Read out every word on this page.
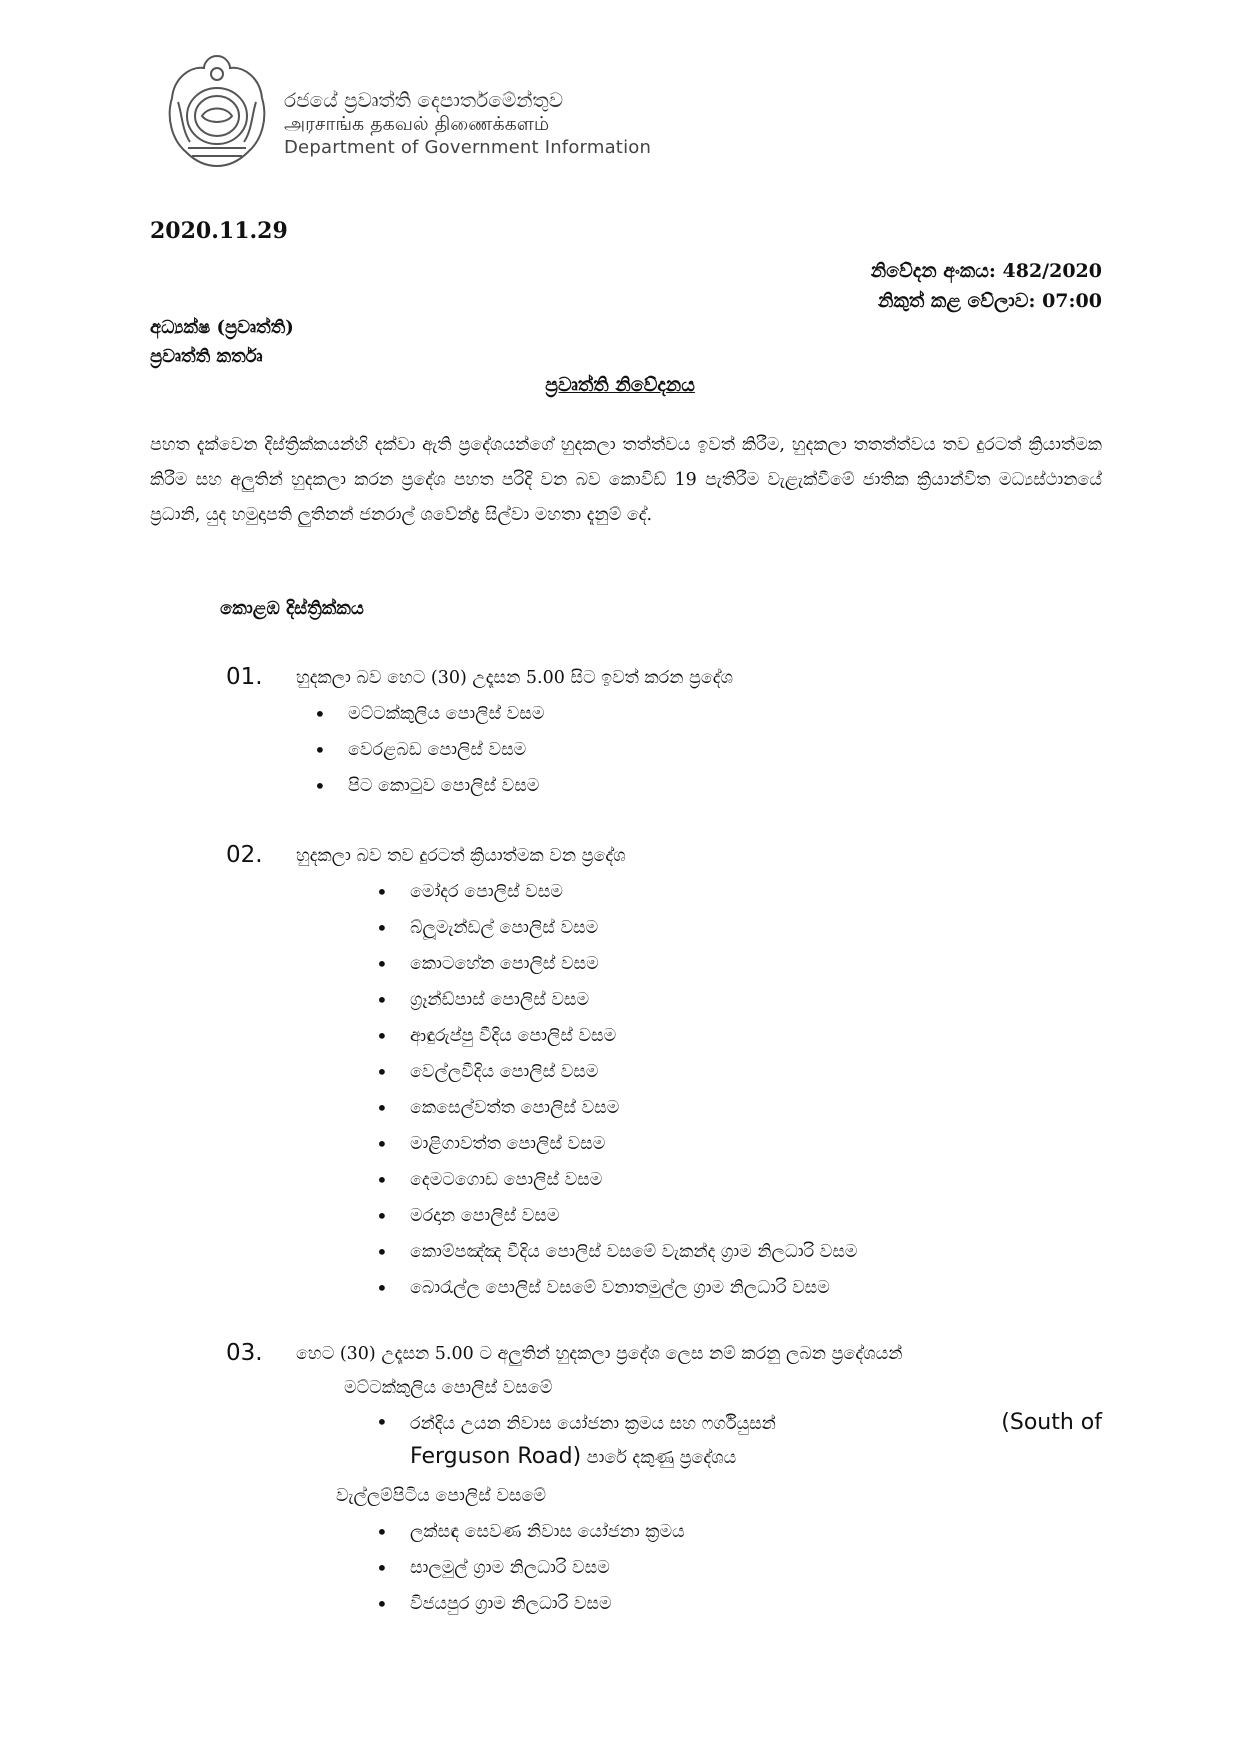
රජයේ ප්‍රවෘත්ති දෙපාර්තමේන්තුව
அரசாங்க தகவல் திணைக்களம்
Department of Government Information
2020.11.29
නිවේදන අංකය: 482/2020
නිකුත් කළ වේලාව: 07:00
අධ්‍යක්ෂ (ප්‍රවෘත්ති)
ප්‍රවෘත්ති කර්තෘ
ප්‍රවෘත්ති නිවේදනය
පහත දැක්වෙන දිස්ත්‍රික්කයන්හි දක්වා ඇති ප්‍රදේශයන්ගේ හුදකලා තත්ත්වය ඉවත් කිරීම, හුදකලා තතත්ත්වය තව දුරටත් ක්‍රියාත්මක කිරීම සහ අලුතින් හුදකලා කරන ප්‍රදේශ පහත පරිදි වන බව කොවිඩ් 19 පැතිරීම වැළැක්වීමේ ජාතික ක්‍රියාන්විත මධ්‍යස්ථානයේ ප්‍රධානි, යුද හමුදාපති ලුතිනන් ජනරාල් ශවේන්ද්‍ර සිල්වා මහතා දැනුම් දේ.
කොළඹ දිස්ත්‍රික්කය
01. හුදකලා බව හෙට (30) උදෑසන 5.00 සිට ඉවත් කරන ප්‍රදේශ
• මට්ටක්කුලිය පොලිස් වසම
• වෙරළබඩ පොලිස් වසම
• පිට කොටුව පොලිස් වසම
02. හුදකලා බව තව දුරටත් ක්‍රියාත්මක වන ප්‍රදේශ
• මෝදර පොලිස් වසම
• බ්ලූමැන්ඩල් පොලිස් වසම
• කොටහේන පොලිස් වසම
• ග්‍රෑන්ඩ්පාස් පොලිස් වසම
• ආඳුරුප්පු වීදිය පොලිස් වසම
• වෙල්ලවීදිය පොලිස් වසම
• කෙසෙල්වත්ත පොලිස් වසම
• මාළිගාවත්ත පොලිස් වසම
• දෙමටගොඩ පොලිස් වසම
• මරදාන පොලිස් වසම
• කොම්පඤ්ඤ වීදිය පොලිස් වසමේ වැකන්ද ග්‍රාම නිලධාරි වසම
• බොරැල්ල පොලිස් වසමේ වනාතමුල්ල ග්‍රාම නිලධාරි වසම
03. හෙට (30) උදෑසන 5.00 ට අලුතින් හුදකලා ප්‍රදේශ ලෙස නම් කරනු ලබන ප්‍රදේශයන්
මට්ටක්කුලිය පොලිස් වසමේ
• රන්දිය උයන නිවාස යෝජනා ක්‍රමය සහ ෆර්ගියුසන්	(South of
Ferguson Road) පාරේ දකුණු ප්‍රදේශය
වැල්ලම්පිටිය පොලිස් වසමේ
• ලක්සඳ සෙවණ නිවාස යෝජනා ක්‍රමය
• සාලමුල් ග්‍රාම නිලධාරි වසම
• විජයපුර ග්‍රාම නිලධාරි වසම
